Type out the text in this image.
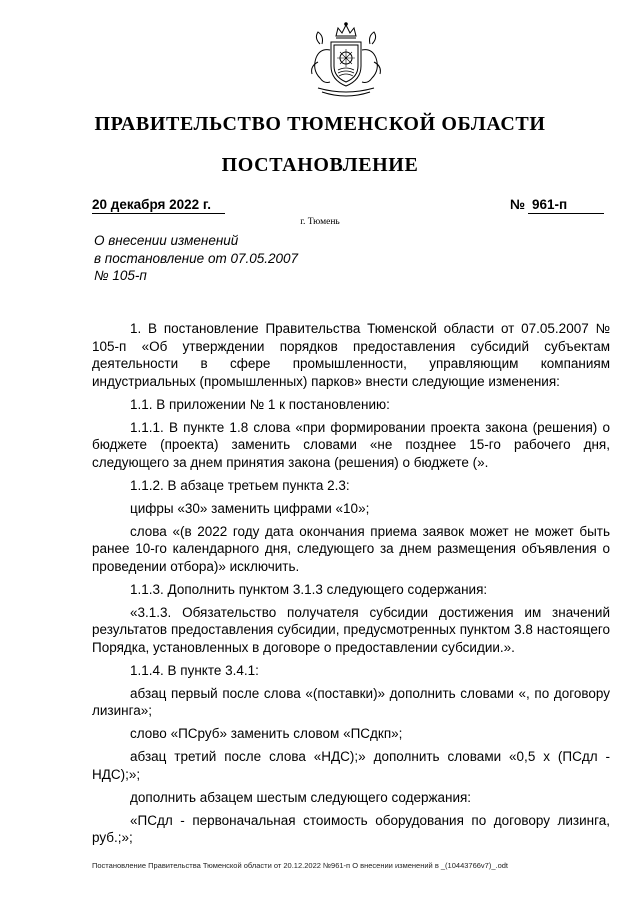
ПРАВИТЕЛЬСТВО ТЮМЕНСКОЙ ОБЛАСТИ
ПОСТАНОВЛЕНИЕ
20 декабря 2022 г.	№ 961-п
г. Тюмень
О внесении изменений
в постановление от 07.05.2007
№ 105-п

1. В постановление Правительства Тюменской области от 07.05.2007 № 105-п «Об утверждении порядков предоставления субсидий субъектам деятельности в сфере промышленности, управляющим компаниям индустриальных (промышленных) парков» внести следующие изменения:

1.1. В приложении № 1 к постановлению:

1.1.1. В пункте 1.8 слова «при формировании проекта закона (решения) о бюджете (проекта) заменить словами «не позднее 15-го рабочего дня, следующего за днем принятия закона (решения) о бюджете (».

1.1.2. В абзаце третьем пункта 2.3:

цифры «30» заменить цифрами «10»;

слова «(в 2022 году дата окончания приема заявок может не может быть ранее 10-го календарного дня, следующего за днем размещения объявления о проведении отбора)» исключить.

1.1.3. Дополнить пунктом 3.1.3 следующего содержания:

«3.1.3. Обязательство получателя субсидии достижения им значений результатов предоставления субсидии, предусмотренных пунктом 3.8 настоящего Порядка, установленных в договоре о предоставлении субсидии.».

1.1.4. В пункте 3.4.1:

абзац первый после слова «(поставки)» дополнить словами «, по договору лизинга»;

слово «ПСруб» заменить словом «ПСдкп»;

абзац третий после слова «НДС);» дополнить словами «0,5 x (ПСдл - НДС);»;

дополнить абзацем шестым следующего содержания:

«ПСдл - первоначальная стоимость оборудования по договору лизинга, руб.;»;

Постановление Правительства Тюменской области от 20.12.2022 №961-п О внесении изменений в _(10443766v7)_.odt
